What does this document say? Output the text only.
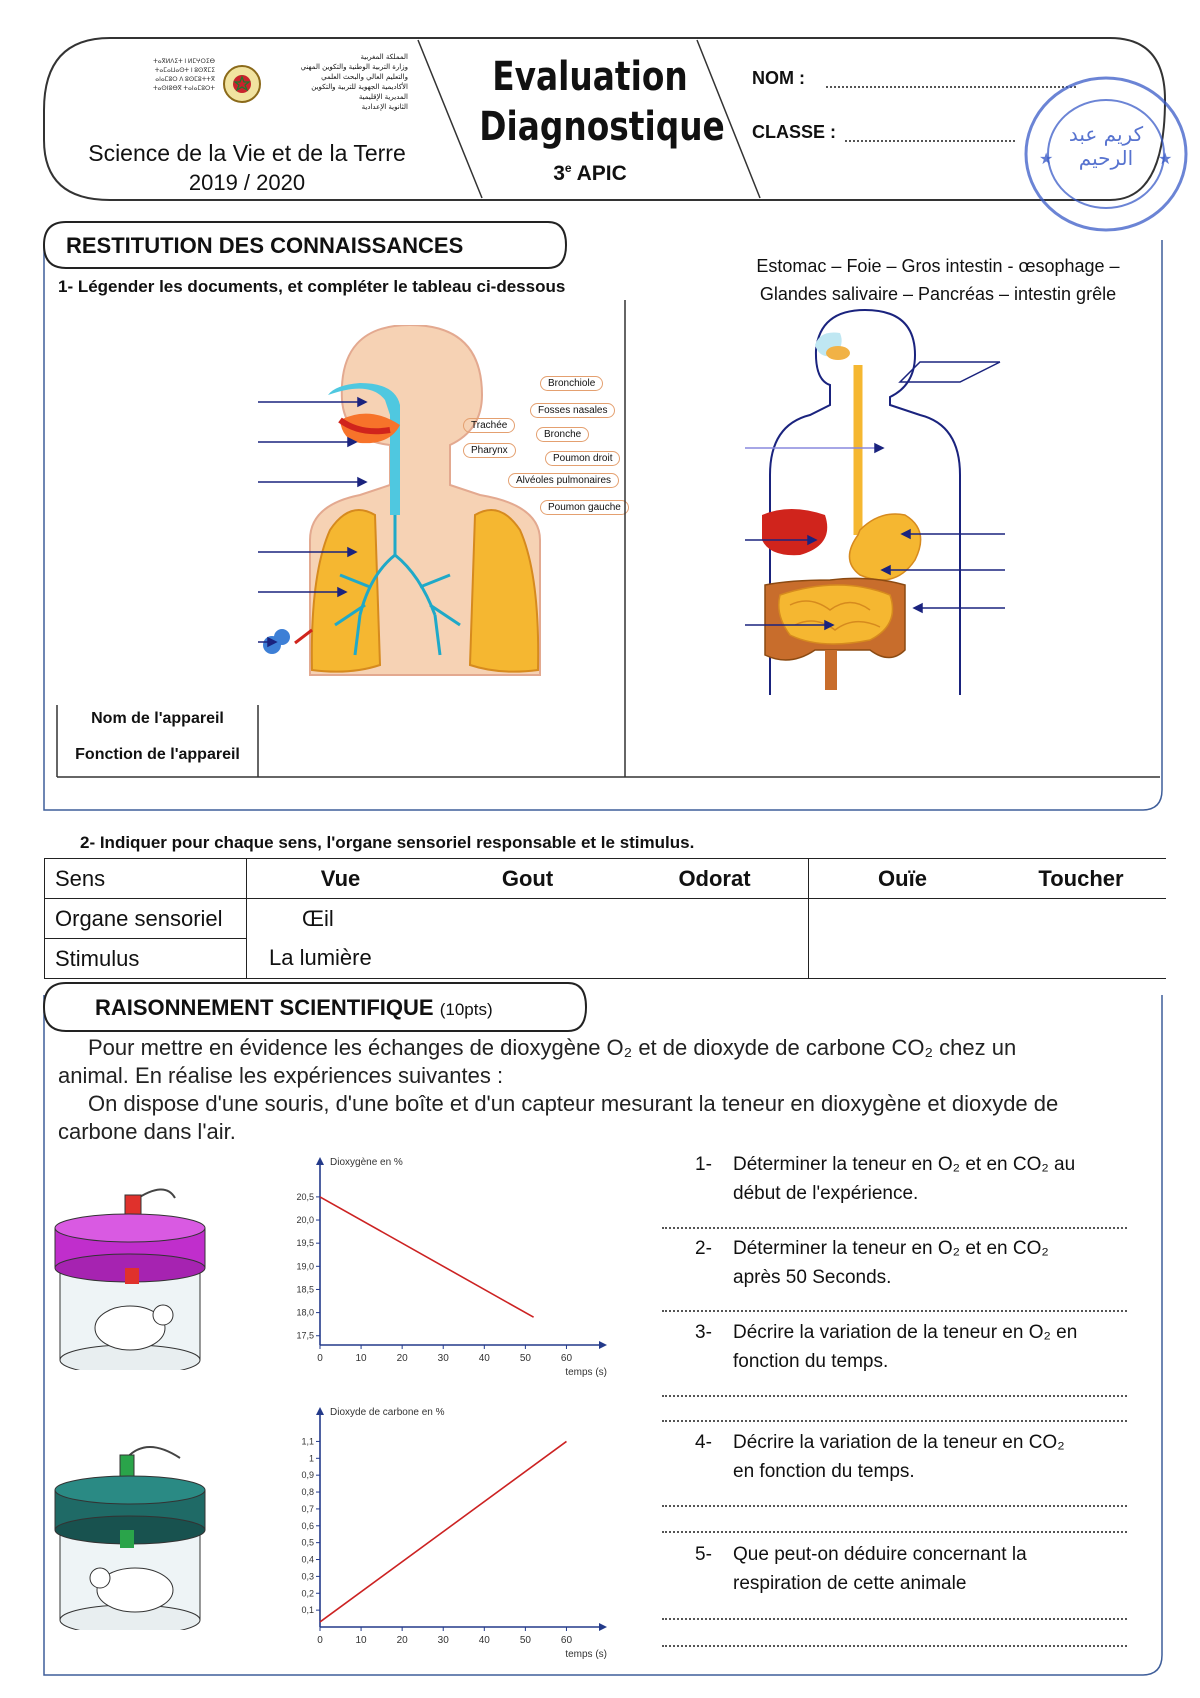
المملكة المغربية
وزارة التربية الوطنية والتكوين المهني
والتعليم العالي والبحث العلمي
الأكاديمية الجهوية للتربية والتكوين
المديرية الإقليمية
الثانوية الإعدادية
ⵜⴰⴳⵍⴷⵉⵜ ⵏ ⵍⵎⵖⵔⵉⴱ
ⵜⴰⵎⴰⵡⴰⵙⵜ ⵏ ⵓⵙⴳⵎⵉ
ⴰⵏⴰⵎⵓⵔ ⴷ ⵓⵙⵎⵓⵜⵜⴳ
ⵜⴰⵙⵏⵓⴱⴳ ⵜⴰⵏⴰⵎⵓⵔⵜ
Science de la Vie et de la Terre
2019 / 2020
Evaluation
Diagnostique
3e APIC
NOM :
CLASSE :
★	★
كريم عبد الرحيم
RESTITUTION DES CONNAISSANCES
1- Légender les documents, et compléter le tableau ci-dessous
Estomac – Foie – Gros intestin - œsophage –
Glandes salivaire – Pancréas – intestin grêle
Bronchiole
Fosses nasales
Trachée
Bronche
Pharynx
Poumon droit
Alvéoles pulmonaires
Poumon gauche
Nom de l'appareil
Fonction de l'appareil
2- Indiquer pour chaque sens, l'organe sensoriel responsable et le stimulus.
Sens	Vue	Gout	Odorat	Ouïe	Toucher
Organe sensoriel	Œil				
Stimulus	La lumière				
RAISONNEMENT SCIENTIFIQUE (10pts)
Pour mettre en évidence les échanges de dioxygène O₂ et de dioxyde de carbone CO₂ chez un
animal. En réalise les expériences suivantes :
On dispose d'une souris, d'une boîte et d'un capteur mesurant la teneur en dioxygène et dioxyde de
carbone dans l'air.
17,5
18,0
18,5
19,0
19,5
20,0
20,5
0	10	20	30	40	50	60
Dioxygène en %
temps (s)
0,1
0,2
0,3
0,4
0,5
0,6
0,7
0,8
0,9
1
1,1
0	10	20	30	40	50	60
Dioxyde de carbone en %
temps (s)
1-	Déterminer la teneur en O₂ et en CO₂ au
début de l'expérience.
2-	Déterminer la teneur en O₂ et en CO₂
après 50 Seconds.
3-	Décrire la variation de la teneur en O₂ en
fonction du temps.
4-	Décrire la variation de la teneur en CO₂
en fonction du temps.
5-	Que peut-on déduire concernant la
respiration de cette animale
